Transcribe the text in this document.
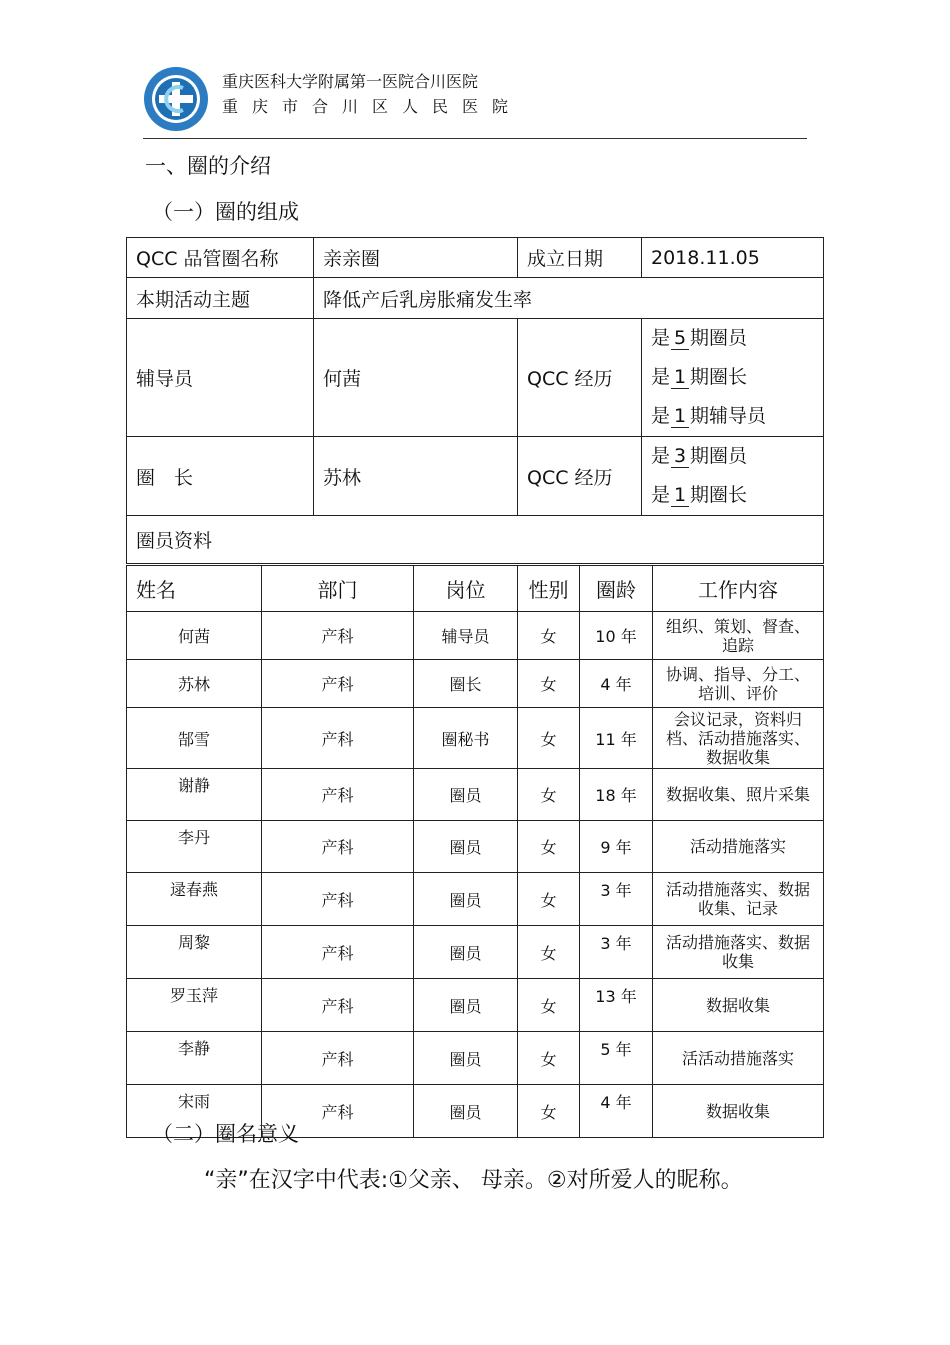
重庆医科大学附属第一医院合川医院
重庆市合川区人民医院
一、圈的介绍
（一）圈的组成
QCC 品管圈名称	亲亲圈	成立日期	2018.11.05
本期活动主题	降低产后乳房胀痛发生率		
辅导员	何茜	QCC 经历	是 5 期圈员
是 1 期圈长
是 1 期辅导员

圈　长	苏林	QCC 经历	是 3 期圈员
是 1 期圈长

圈员资料			
姓名	部门	岗位	性别	圈龄	工作内容
何茜	产科	辅导员	女	10 年	组织、策划、督查、追踪
苏林	产科	圈长	女	4 年	协调、指导、分工、培训、评价
郜雪	产科	圈秘书	女	11 年	会议记录，资料归档、活动措施落实、数据收集
谢静	产科	圈员	女	18 年	数据收集、照片采集
李丹	产科	圈员	女	9 年	活动措施落实
逯春燕	产科	圈员	女	3 年	活动措施落实、数据收集、记录
周黎	产科	圈员	女	3 年	活动措施落实、数据收集
罗玉萍	产科	圈员	女	13 年	数据收集
李静	产科	圈员	女	5 年	活活动措施落实
宋雨	产科	圈员	女	4 年	数据收集
（二）圈名意义
“亲”在汉字中代表:①父亲、 母亲。②对所爱人的昵称。
